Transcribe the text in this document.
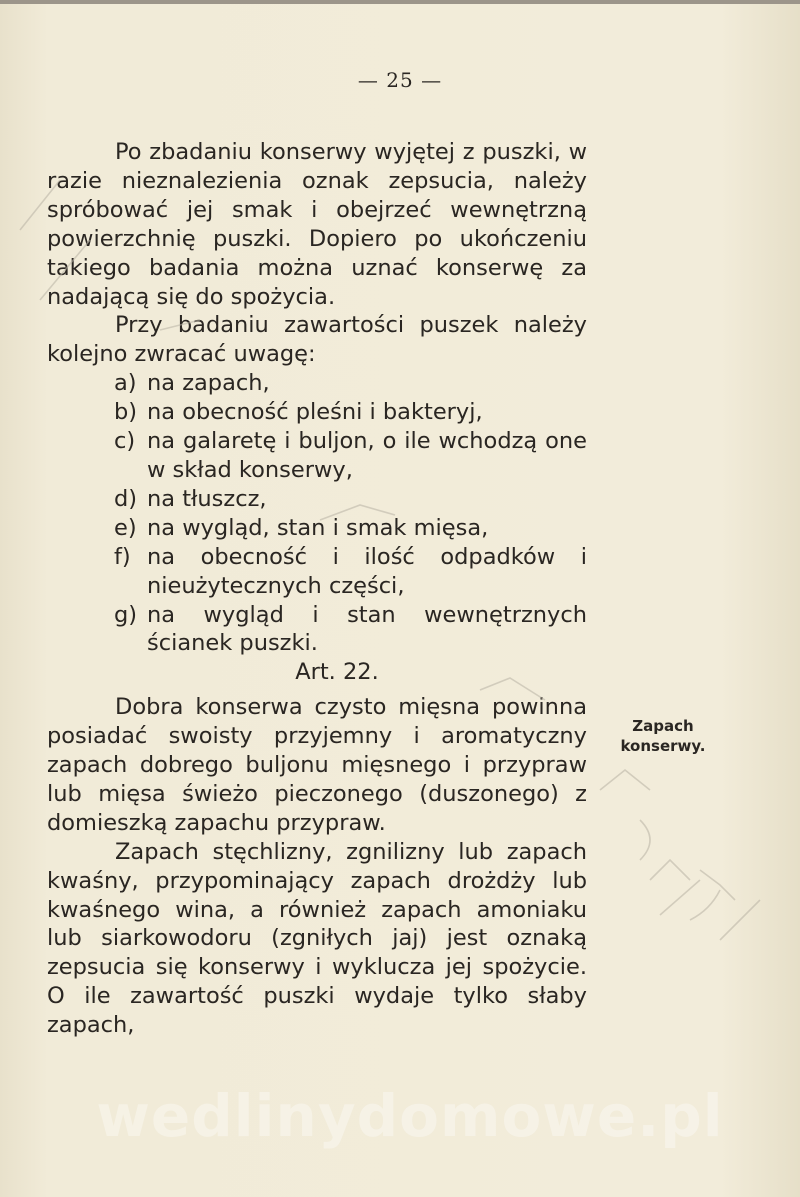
— 25 —

Po zbadaniu konserwy wyjętej z puszki, w razie nieznalezienia oznak zepsucia, należy spróbować jej smak i obejrzeć wewnętrzną powierzchnię puszki. Dopiero po ukończeniu takiego badania można uznać konserwę za nadającą się do spożycia.

Przy badaniu zawartości puszek należy kolejno zwracać uwagę:

a) na zapach,
b) na obecność pleśni i bakteryj,
c) na galaretę i buljon, o ile wchodzą one w skład konserwy,
d) na tłuszcz,
e) na wygląd, stan i smak mięsa,
f) na obecność i ilość odpadków i nieużytecznych części,
g) na wygląd i stan wewnętrznych ścianek puszki.

Art. 22.

Dobra konserwa czysto mięsna powinna posiadać swoisty przyjemny i aromatyczny zapach dobrego buljonu mięsnego i przypraw lub mięsa świeżo pieczonego (duszonego) z domieszką zapachu przypraw.

Zapach stęchlizny, zgnilizny lub zapach kwaśny, przypominający zapach drożdży lub kwaśnego wina, a również zapach amoniaku lub siarkowodoru (zgniłych jaj) jest oznaką zepsucia się konserwy i wyklucza jej spożycie. O ile zawartość puszki wydaje tylko słaby zapach,

Zapach
konserwy.
wedlinydomowe.pl
